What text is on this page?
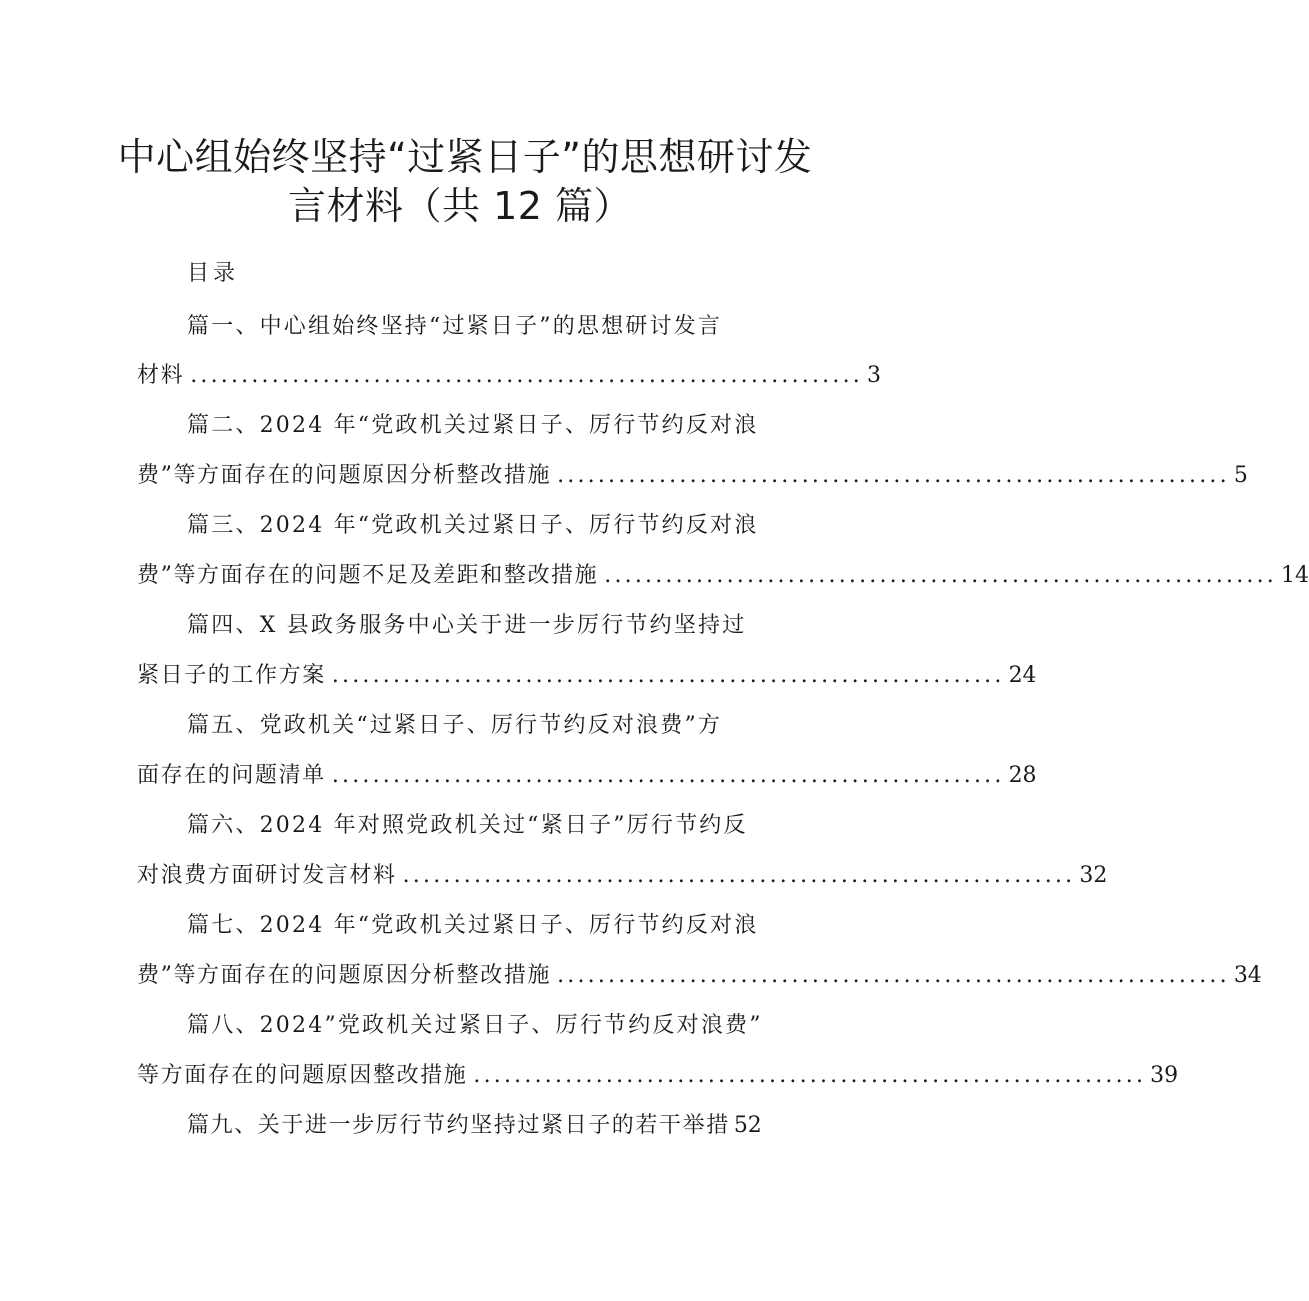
中心组始终坚持“过紧日子”的思想研讨发
言材料（共 12 篇）
目录
篇一、中心组始终坚持“过紧日子”的思想研讨发言
材料 .................................................................. 3
篇二、2024 年“党政机关过紧日子、厉行节约反对浪
费”等方面存在的问题原因分析整改措施 .................................................................. 5
篇三、2024 年“党政机关过紧日子、厉行节约反对浪
费”等方面存在的问题不足及差距和整改措施 .................................................................. 14
篇四、X 县政务服务中心关于进一步厉行节约坚持过
紧日子的工作方案 .................................................................. 24
篇五、党政机关“过紧日子、厉行节约反对浪费”方
面存在的问题清单 .................................................................. 28
篇六、2024 年对照党政机关过“紧日子”厉行节约反
对浪费方面研讨发言材料 .................................................................. 32
篇七、2024 年“党政机关过紧日子、厉行节约反对浪
费”等方面存在的问题原因分析整改措施 .................................................................. 34
篇八、2024”党政机关过紧日子、厉行节约反对浪费”
等方面存在的问题原因整改措施 .................................................................. 39
篇九、关于进一步厉行节约坚持过紧日子的若干举措 52
